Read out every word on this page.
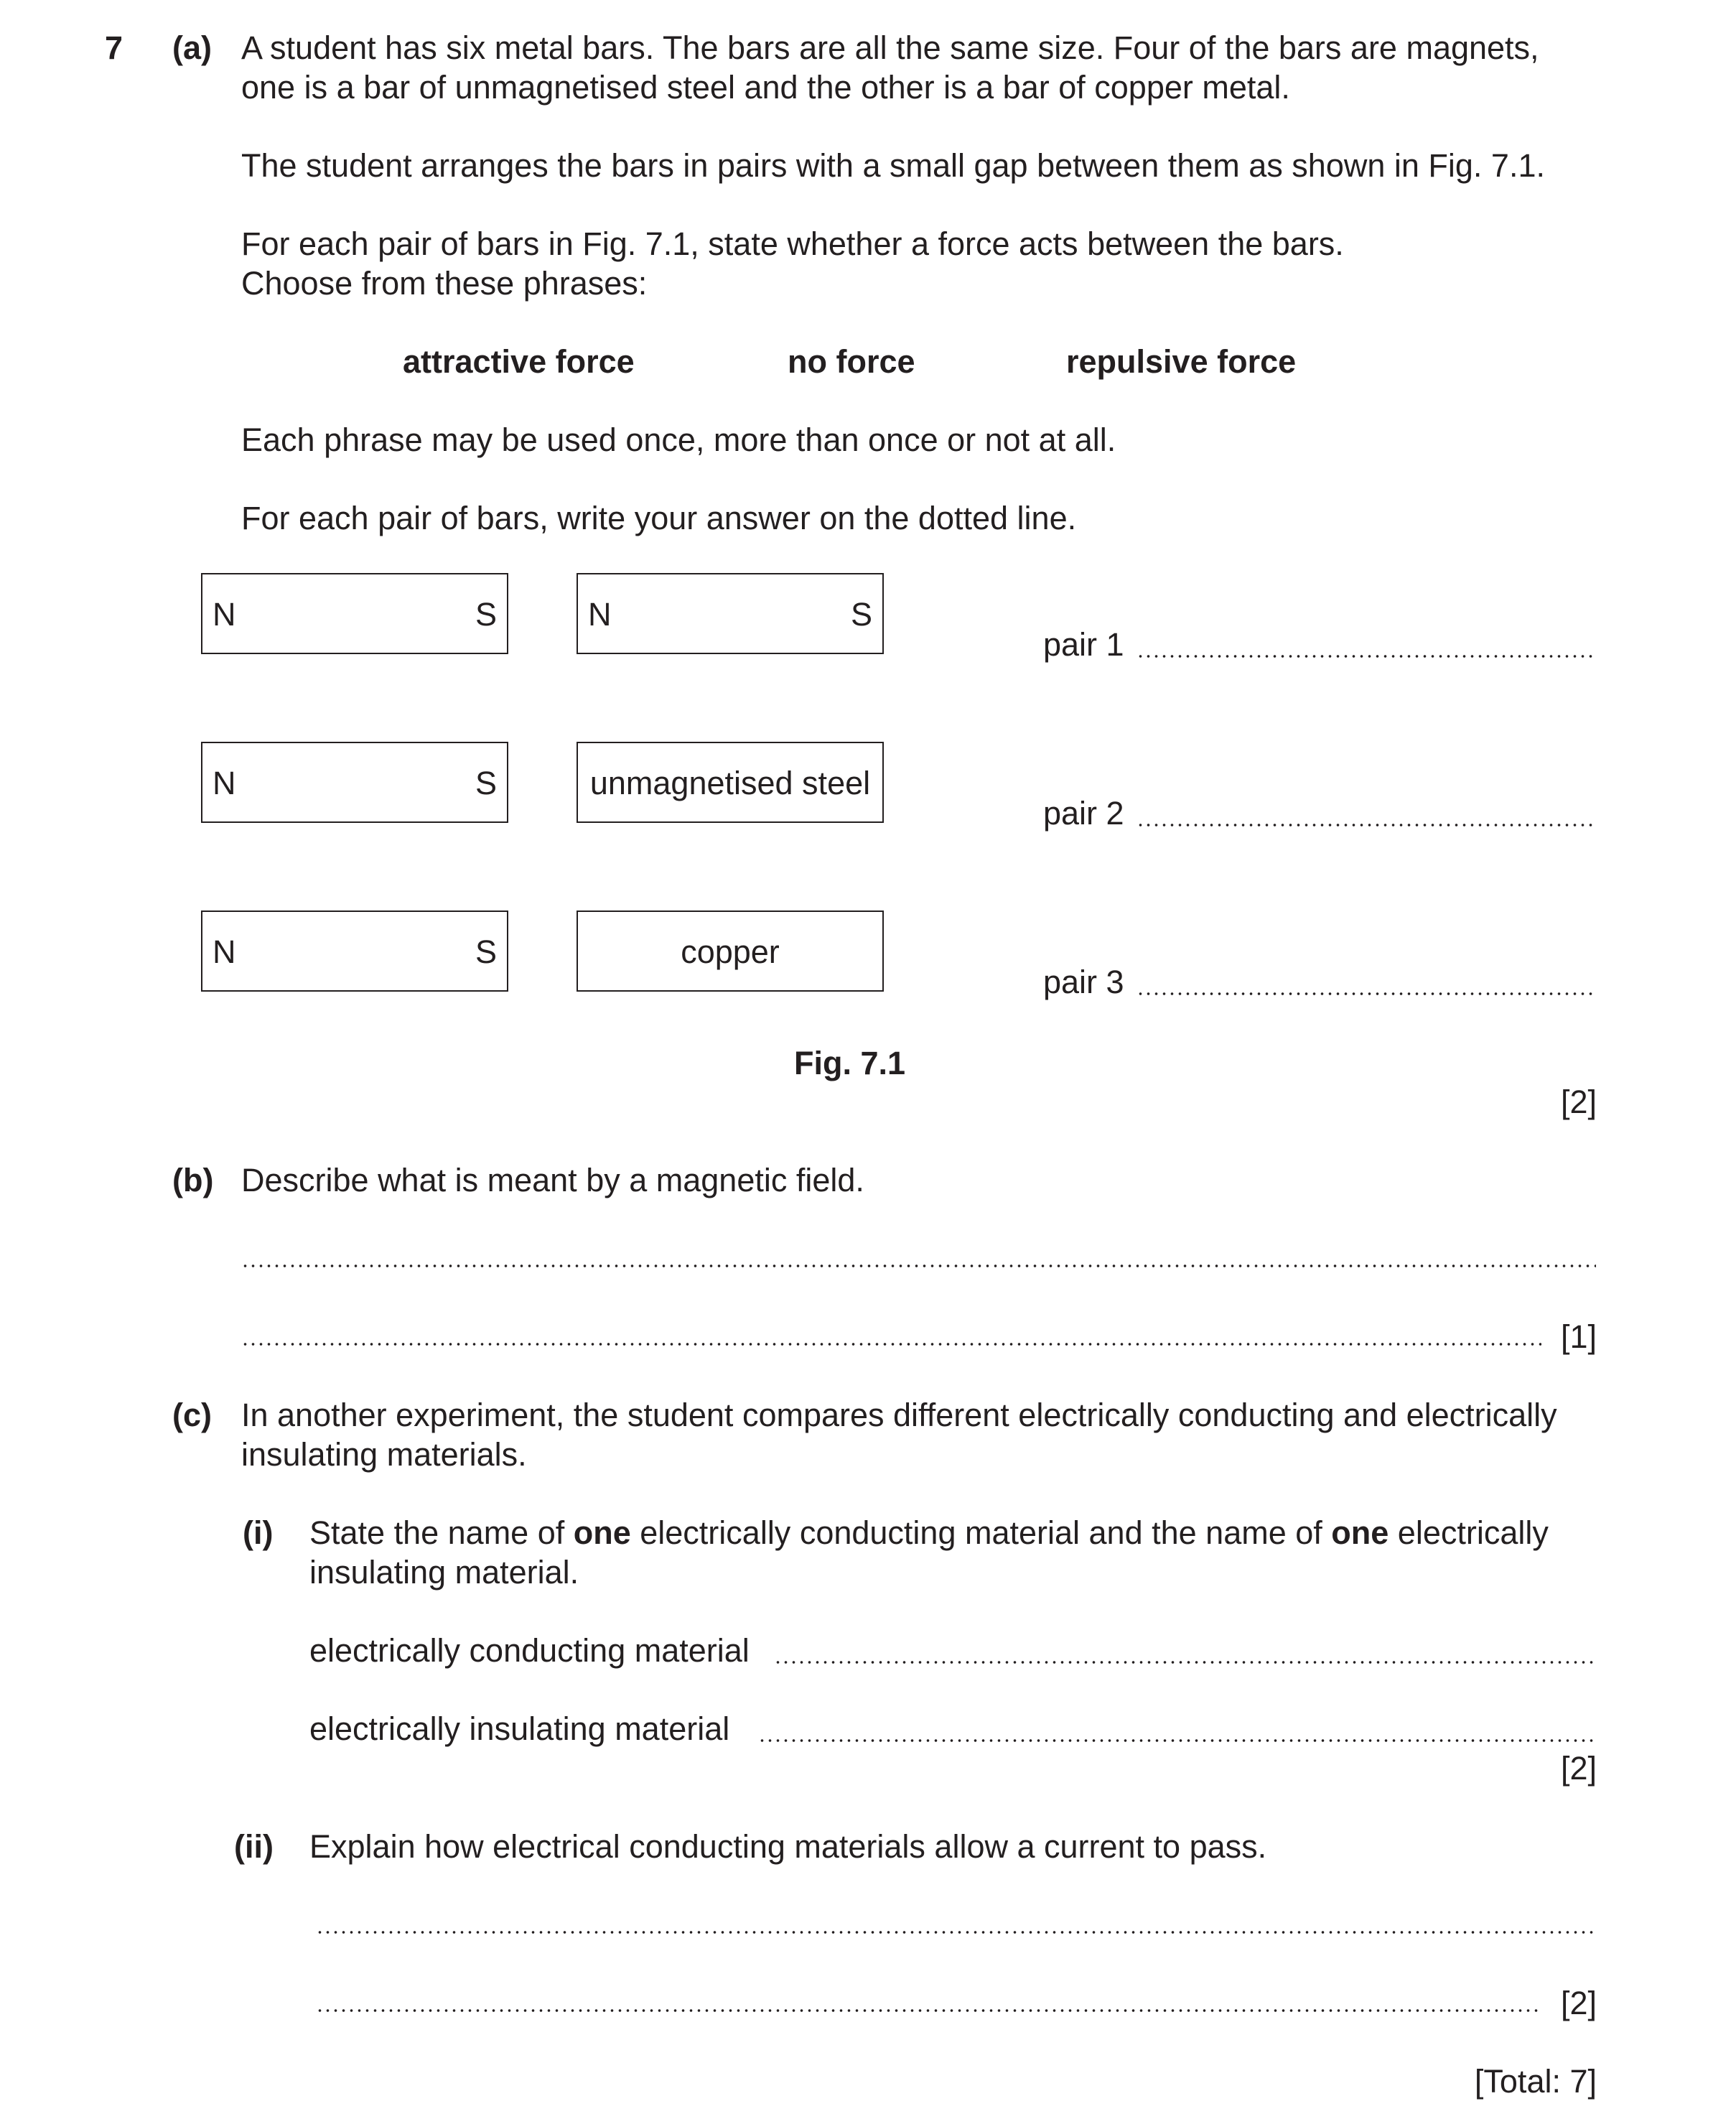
7 (a) A student has six metal bars. The bars are all the same size. Four of the bars are magnets,
one is a bar of unmagnetised steel and the other is a bar of copper metal.
The student arranges the bars in pairs with a small gap between them as shown in Fig. 7.1.
For each pair of bars in Fig. 7.1, state whether a force acts between the bars.
Choose from these phrases:
attractive force	no force	repulsive force
Each phrase may be used once, more than once or not at all.
For each pair of bars, write your answer on the dotted line.
N	S	N	S
pair 1
N	S	unmagnetised steel
pair 2
N	S	copper
pair 3
Fig. 7.1
[2]
(b) Describe what is meant by a magnetic field.
[1]
(c) In another experiment, the student compares different electrically conducting and electrically
insulating materials.
(i) State the name of one electrically conducting material and the name of one electrically
insulating material.
electrically conducting material
electrically insulating material
[2]
(ii) Explain how electrical conducting materials allow a current to pass.
[2]
[Total: 7]
